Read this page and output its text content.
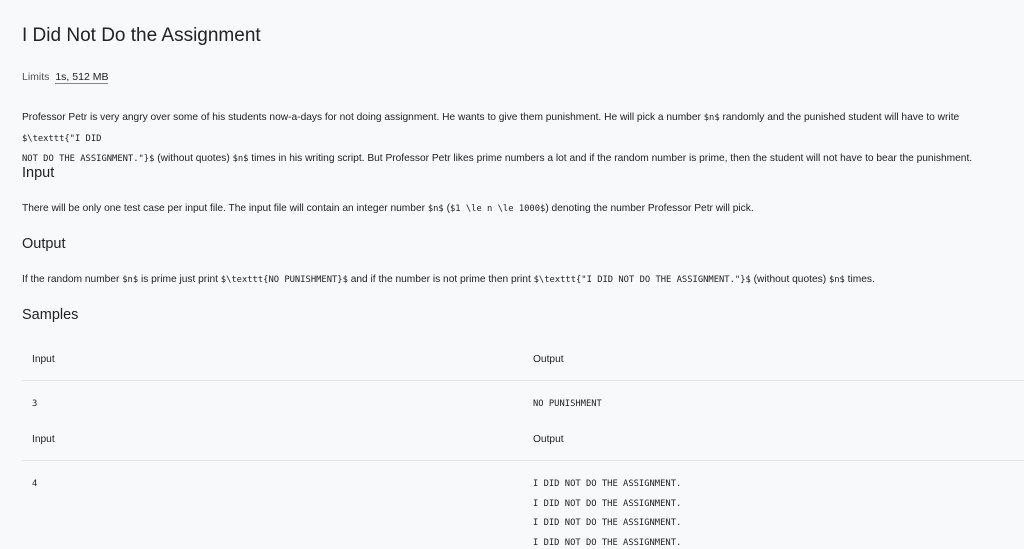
I Did Not Do the Assignment
Limits 1s, 512 MB

Professor Petr is very angry over some of his students now-a-days for not doing assignment. He wants to give them punishment. He will pick a number $n$ randomly and the punished student will have to write $\texttt{"I DID
NOT DO THE ASSIGNMENT."}$ (without quotes) $n$ times in his writing script. But Professor Petr likes prime numbers a lot and if the random number is prime, then the student will not have to bear the punishment.

Input

There will be only one test case per input file. The input file will contain an integer number $n$ ($1 \le n \le 1000$) denoting the number Professor Petr will pick.

Output

If the random number $n$ is prime just print $\texttt{NO PUNISHMENT}$ and if the number is not prime then print $\texttt{"I DID NOT DO THE ASSIGNMENT."}$ (without quotes) $n$ times.

Samples
Input	Output
3	NO PUNISHMENT
Input	Output
4	I DID NOT DO THE ASSIGNMENT.
I DID NOT DO THE ASSIGNMENT.
I DID NOT DO THE ASSIGNMENT.
I DID NOT DO THE ASSIGNMENT.
